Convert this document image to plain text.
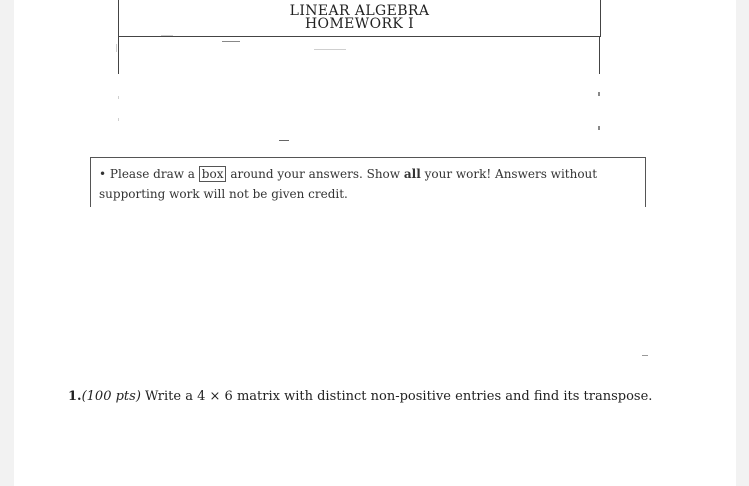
LINEAR ALGEBRA
HOMEWORK I
• Please draw a box around your answers. Show all your work! Answers without supporting work will not be given credit.
1.(100 pts) Write a 4 × 6 matrix with distinct non-positive entries and find its transpose.
